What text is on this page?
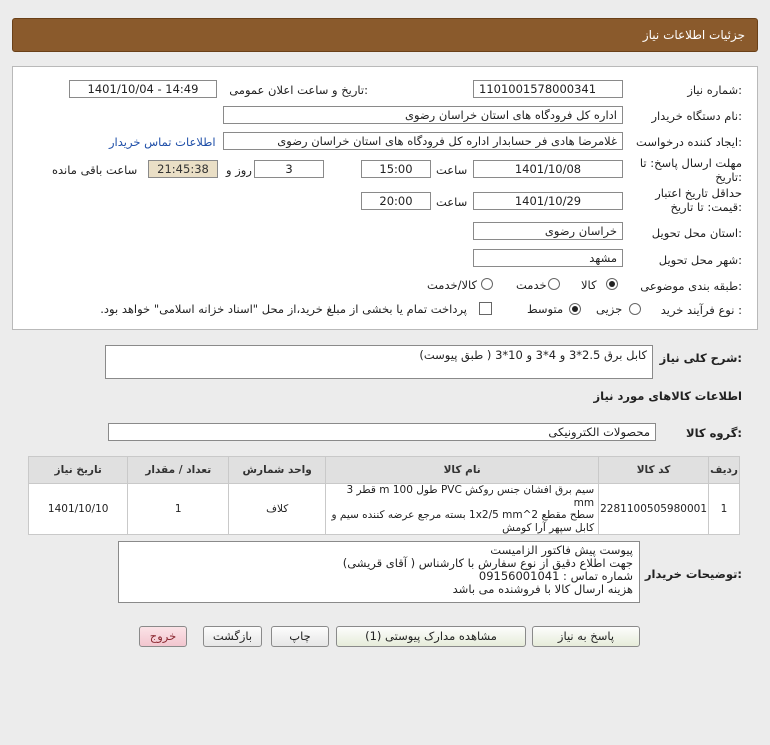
جزئیات اطلاعات نیاز
شماره نیاز:
1101001578000341
تاریخ و ساعت اعلان عمومی:
1401/10/04 - 14:49
نام دستگاه خریدار:
اداره کل فرودگاه های استان خراسان رضوی
ایجاد کننده درخواست:
غلامرضا هادی فر حسابدار اداره کل فرودگاه های استان خراسان رضوی
اطلاعات تماس خریدار
مهلت ارسال پاسخ: تا
تاریخ:
1401/10/08
ساعت
15:00
3
روز و
21:45:38
ساعت باقی مانده
حداقل تاریخ اعتبار
قیمت: تا تاریخ:
1401/10/29
ساعت
20:00
استان محل تحویل:
خراسان رضوی
شهر محل تحویل:
مشهد
طبقه بندی موضوعی:
کالا
خدمت
کالا/خدمت
نوع فرآیند خرید :
جزیی
متوسط
پرداخت تمام یا بخشی از مبلغ خرید،از محل "اسناد خزانه اسلامی" خواهد بود.
شرح کلی نیاز:
کابل برق 2.5*3 و 4*3 و 10*3 ( طبق پیوست)
اطلاعات کالاهای مورد نیاز
گروه کالا:
محصولات الکترونیکی
ردیف	کد کالا	نام کالا	واحد شمارش	تعداد / مقدار	تاریخ نیاز
1	2281100505980001	سیم برق افشان جنس روکش PVC طول 100 m قطر 3 mm
سطح مقطع 1x2/5 mm^2 بسته مرجع عرضه کننده سیم و
کابل سپهر آرا کومش	کلاف	1	1401/10/10
توضیحات خریدار:
پیوست پیش فاکتور الزامیست
جهت اطلاع دقیق از نوع سفارش با کارشناس ( آقای قریشی)
شماره تماس : 09156001041
هزینه ارسال کالا با فروشنده می باشد
پاسخ به نیاز
مشاهده مدارک پیوستی (1)
چاپ
بازگشت
خروج
